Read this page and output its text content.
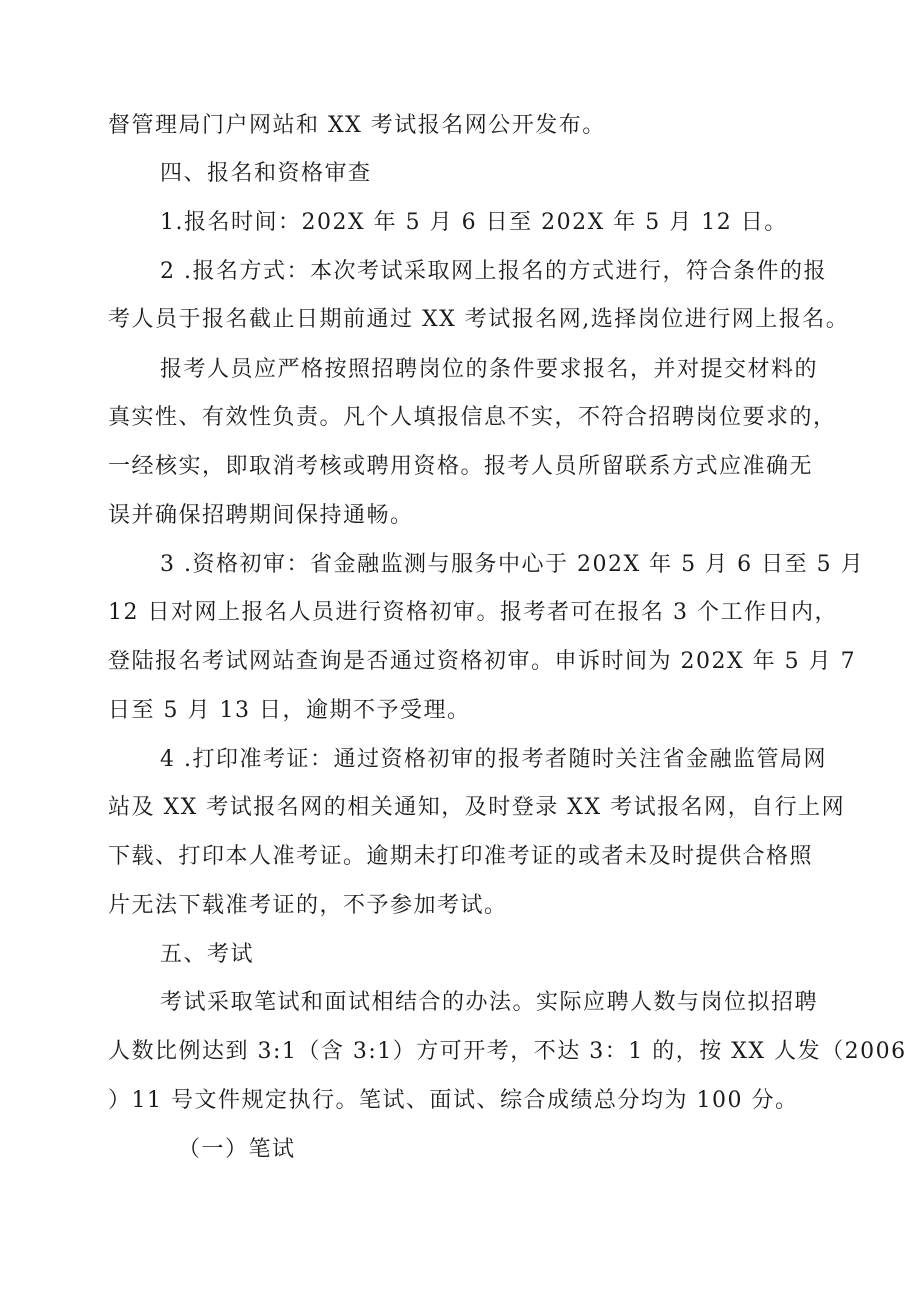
督管理局门户网站和 XX 考试报名网公开发布。
四、报名和资格审查
1.报名时间：202X 年 5 月 6 日至 202X 年 5 月 12 日。
2 .报名方式：本次考试采取网上报名的方式进行，符合条件的报
考人员于报名截止日期前通过 XX 考试报名网,选择岗位进行网上报名。
报考人员应严格按照招聘岗位的条件要求报名，并对提交材料的
真实性、有效性负责。凡个人填报信息不实，不符合招聘岗位要求的，
一经核实，即取消考核或聘用资格。报考人员所留联系方式应准确无
误并确保招聘期间保持通畅。
3 .资格初审：省金融监测与服务中心于 202X 年 5 月 6 日至 5 月
12 日对网上报名人员进行资格初审。报考者可在报名 3 个工作日内，
登陆报名考试网站查询是否通过资格初审。申诉时间为 202X 年 5 月 7
日至 5 月 13 日，逾期不予受理。
4 .打印准考证：通过资格初审的报考者随时关注省金融监管局网
站及 XX 考试报名网的相关通知，及时登录 XX 考试报名网，自行上网
下载、打印本人准考证。逾期未打印准考证的或者未及时提供合格照
片无法下载准考证的，不予参加考试。
五、考试
考试采取笔试和面试相结合的办法。实际应聘人数与岗位拟招聘
人数比例达到 3:1（含 3:1）方可开考，不达 3：1 的，按 XX 人发（2006
）11 号文件规定执行。笔试、面试、综合成绩总分均为 100 分。
（一）笔试
